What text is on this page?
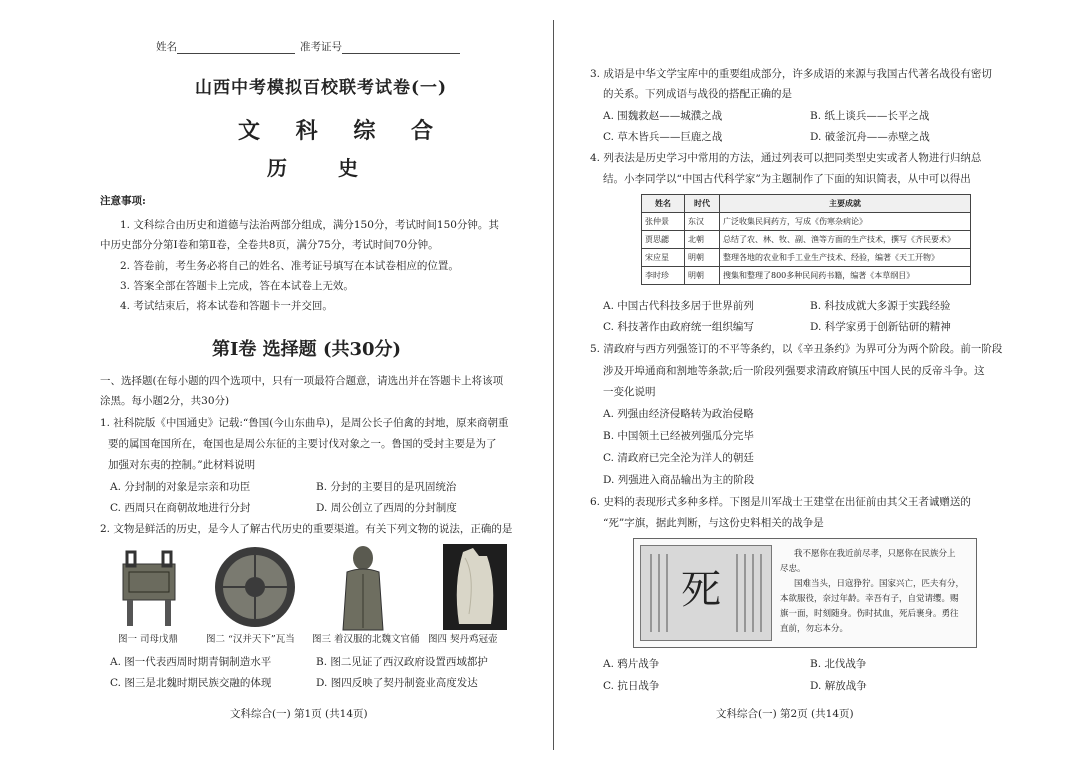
姓名	准考证号
山西中考模拟百校联考试卷(一)
文 科 综 合
历 史
注意事项:
1. 文科综合由历史和道德与法治两部分组成，满分150分，考试时间150分钟。其
中历史部分分第Ⅰ卷和第Ⅱ卷，全卷共8页，满分75分，考试时间70分钟。
2. 答卷前，考生务必将自己的姓名、准考证号填写在本试卷相应的位置。
3. 答案全部在答题卡上完成，答在本试卷上无效。
4. 考试结束后，将本试卷和答题卡一并交回。
第Ⅰ卷 选择题 (共30分)
一、选择题(在每小题的四个选项中，只有一项最符合题意，请选出并在答题卡上将该项
涂黑。每小题2分，共30分)
1. 社科院版《中国通史》记载:“鲁国(今山东曲阜)，是周公长子伯禽的封地，原来商朝重
要的属国奄国所在，奄国也是周公东征的主要讨伐对象之一。鲁国的受封主要是为了
加强对东夷的控制。”此材料说明
A. 分封制的对象是宗亲和功臣	B. 分封的主要目的是巩固统治
C. 西周只在商朝故地进行分封	D. 周公创立了西周的分封制度
2. 文物是鲜活的历史，是今人了解古代历史的重要渠道。有关下列文物的说法，正确的是
图一 司母戊鼎	图二 “汉并天下”瓦当 图三 着汉服的北魏文官俑 图四 契丹鸡冠壶
A. 图一代表西周时期青铜制造水平	B. 图二见证了西汉政府设置西域都护
C. 图三是北魏时期民族交融的体现	D. 图四反映了契丹制瓷业高度发达
文科综合(一) 第1页 (共14页)
3. 成语是中华文学宝库中的重要组成部分，许多成语的来源与我国古代著名战役有密切
的关系。下列成语与战役的搭配正确的是
A. 围魏救赵——城濮之战	B. 纸上谈兵——长平之战
C. 草木皆兵——巨鹿之战	D. 破釜沉舟——赤壁之战
4. 列表法是历史学习中常用的方法，通过列表可以把同类型史实或者人物进行归纳总
结。小李同学以“中国古代科学家”为主题制作了下面的知识简表，从中可以得出
姓名	时代	主要成就
张仲景	东汉	广泛收集民间药方，写成《伤寒杂病论》
贾思勰	北朝	总结了农、林、牧、副、渔等方面的生产技术，撰写《齐民要术》
宋应星	明朝	整理各地的农业和手工业生产技术、经验，编著《天工开物》
李时珍	明朝	搜集和整理了800多种民间药书籍，编著《本草纲目》
A. 中国古代科技多居于世界前列	B. 科技成就大多源于实践经验
C. 科技著作由政府统一组织编写	D. 科学家勇于创新钻研的精神
5. 清政府与西方列强签订的不平等条约，以《辛丑条约》为界可分为两个阶段。前一阶段
涉及开埠通商和割地等条款;后一阶段列强要求清政府镇压中国人民的反帝斗争。这
一变化说明
A. 列强由经济侵略转为政治侵略
B. 中国领土已经被列强瓜分完毕
C. 清政府已完全沦为洋人的朝廷
D. 列强进入商品输出为主的阶段
6. 史料的表现形式多种多样。下图是川军战士王建堂在出征前由其父王者诚赠送的
“死”字旗，据此判断，与这份史料相关的战争是
死
我不愿你在我近前尽孝，只愿你在民族分上
尽忠。
国难当头，日寇狰狞。国家兴亡，匹夫有分，
本欲服役，奈过年龄。幸吾有子，自觉请缨。赐
旗一面，时刻随身。伤时拭血，死后裹身。勇往
直前，勿忘本分。
A. 鸦片战争	B. 北伐战争
C. 抗日战争	D. 解放战争
文科综合(一) 第2页 (共14页)
